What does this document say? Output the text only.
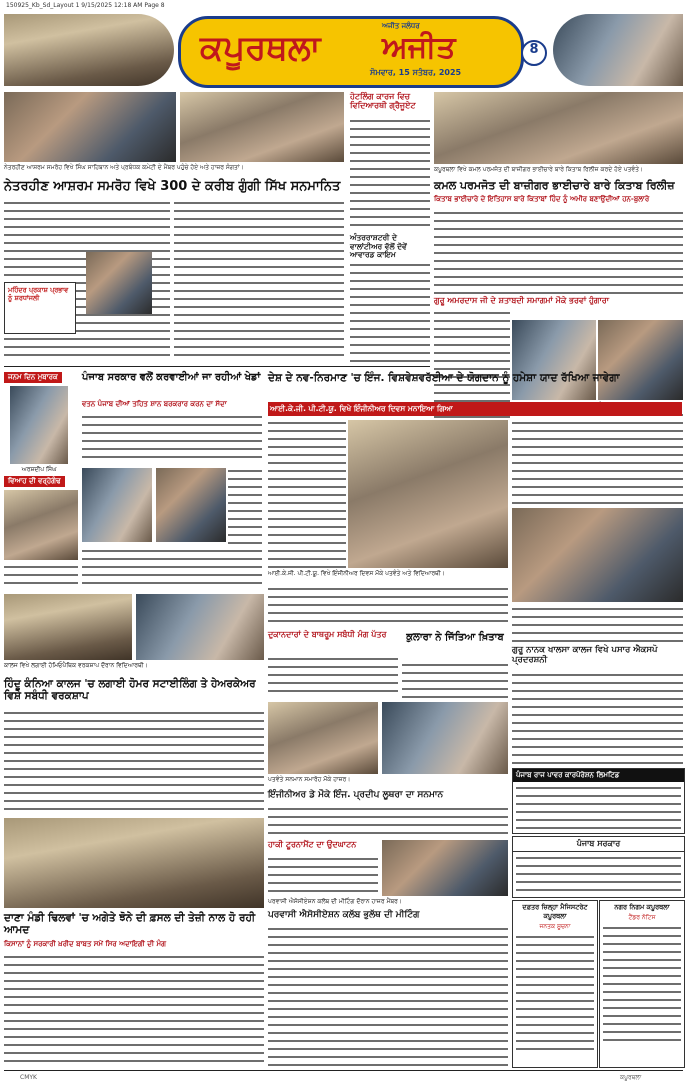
150925_Kb_Sd_Layout 1 9/15/2025 12:18 AM Page 8
ਕਪੂਰਥਲਾ
ਅਜੀਤ ਜਲੰਧਰ
ਅਜੀਤ
ਸੋਮਵਾਰ, 15 ਸਤੰਬਰ, 2025
8
ਨੇਤਰਹੀਣ ਆਸ਼ਰਮ ਸਮਰੋਹ ਵਿਖੇ ਸਿੰਘ ਸਾਹਿਬਾਨ ਅਤੇ ਪ੍ਰਬੰਧਕ ਕਮੇਟੀ ਦੇ ਮੈਂਬਰ ਪਹੁੰਚੇ ਹੋਏ ਅਤੇ ਹਾਜ਼ਰ ਸੰਗਤਾਂ।
ਨੇਤਰਹੀਣ ਆਸ਼ਰਮ ਸਮਰੋਹ ਵਿਖੇ 300 ਦੇ ਕਰੀਬ ਗੁੰਗੀ ਸਿੱਖ ਸਨਮਾਨਿਤ
ਮਹਿੰਦਰ ਪ੍ਰਕਾਸ਼ ਪ੍ਰਭਾਵ ਨੂੰ ਸ਼ਰਧਾਂਜਲੀ
ਹੋਟਲਿੰਗ ਕਾਰਜ ਵਿਚ ਵਿਦਿਆਰਥੀ ਗ੍ਰੈਜੂਏਟ
ਅੰਤਰਰਾਸ਼ਟਰੀ ਦੇ ਵਾਲਾਂਟੀਅਰ ਵੱਲੋਂ ਦੋਵੇਂ ਆਵਾਰਡ ਕਾਇਮ
ਕਪੂਰਥਲਾ ਵਿਖੇ ਕਮਲ ਪਰਮਜੋਤ ਦੀ ਬਾਜ਼ੀਗਰ ਭਾਈਚਾਰੇ ਬਾਰੇ ਕਿਤਾਬ ਰਿਲੀਜ਼ ਕਰਦੇ ਹੋਏ ਪਤਵੰਤੇ।
ਕਮਲ ਪਰਮਜੋਤ ਦੀ ਬਾਜ਼ੀਗਰ ਭਾਈਚਾਰੇ ਬਾਰੇ ਕਿਤਾਬ ਰਿਲੀਜ਼
ਕਿਤਾਬ ਭਾਈਚਾਰੇ ਦੇ ਇਤਿਹਾਸ ਬਾਰੇ ਕਿਤਾਬਾਂ ਹਿੰਦ ਨੂੰ ਅਮੀਰ ਬਣਾਉਂਦੀਆਂ ਹਨ-ਬੁਲਾਰੇ
ਗੁਰੂ ਅਮਰਦਾਸ ਜੀ ਦੇ ਸ਼ਤਾਬਦੀ ਸਮਾਗਮਾਂ ਮੌਕੇ ਭਰਵਾਂ ਹੁੰਗਾਰਾ
ਜਨਮ ਦਿਨ ਮੁਬਾਰਕ
ਅਰਸ਼ਦੀਪ ਸਿੰਘ
ਵਿਆਹ ਦੀ ਵਰ੍ਹੇਗੰਢ
ਪੰਜਾਬ ਸਰਕਾਰ ਵਲੋਂ ਕਰਵਾਈਆਂ ਜਾ ਰਹੀਆਂ ਖੇਡਾਂ
ਵਤਨ ਪੰਜਾਬ ਦੀਆਂ ਤਹਿਤ ਸ਼ਾਨ ਬਰਕਰਾਰ ਕਰਨ ਦਾ ਸੱਦਾ
ਦੇਸ਼ ਦੇ ਨਵ-ਨਿਰਮਾਣ 'ਚ ਇੰਜ. ਵਿਸ਼ਵੇਸ਼ਵਰੱਈਆ ਦੇ ਯੋਗਦਾਨ ਨੂੰ ਹਮੇਸ਼ਾ ਯਾਦ ਰੱਖਿਆ ਜਾਵੇਗਾ
ਆਈ.ਕੇ.ਜੀ. ਪੀ.ਟੀ.ਯੂ. ਵਿਖੇ ਇੰਜੀਨੀਅਰ ਦਿਵਸ ਮਨਾਇਆ ਗਿਆ
ਆਈ.ਕੇ.ਜੀ. ਪੀ.ਟੀ.ਯੂ. ਵਿਖੇ ਇੰਜੀਨੀਅਰ ਦਿਵਸ ਮੌਕੇ ਪਤਵੰਤੇ ਅਤੇ ਵਿਦਿਆਰਥੀ।
ਕਾਲਜ ਵਿਖੇ ਲਗਾਈ ਹੋਮਿਓਪੈਥਿਕ ਵਰਕਸ਼ਾਪ ਦੌਰਾਨ ਵਿਦਿਆਰਥੀ।
ਹਿੰਦੂ ਕੰਨਿਆ ਕਾਲਜ 'ਚ ਲਗਾਈ ਹੋਮਰ ਸਟਾਈਲਿੰਗ ਤੇ ਹੇਅਰਕੇਅਰ ਵਿਸ਼ੇ ਸਬੰਧੀ ਵਰਕਸ਼ਾਪ
ਦੁਕਾਨਦਾਰਾਂ ਦੇ ਬਾਥਰੂਮ ਸਬੰਧੀ ਮੰਗ ਪੱਤਰ
ਪਤਵੰਤੇ ਸਨਮਾਨ ਸਮਾਰੋਹ ਮੌਕੇ ਹਾਜ਼ਰ।
ਇੰਜੀਨੀਅਰ ਡੇ ਮੌਕੇ ਇੰਜ. ਪ੍ਰਦੀਪ ਲੂਥਰਾ ਦਾ ਸਨਮਾਨ
ਕੁਲਾਰਾ ਨੇ ਜਿੱਤਿਆ ਖ਼ਿਤਾਬ
ਗੁਰੂ ਨਾਨਕ ਖਾਲਸਾ ਕਾਲਜ ਵਿਖੇ ਪਸਾਰ ਐਕਸਪੋ ਪ੍ਰਦਰਸ਼ਨੀ
ਪੰਜਾਬ ਰਾਜ ਪਾਵਰ ਕਾਰਪੋਰੇਸ਼ਨ ਲਿਮਟਿਡ
ਪੰਜਾਬ ਸਰਕਾਰ
ਦਾਣਾ ਮੰਡੀ ਢਿਲਵਾਂ 'ਚ ਅਗੇਤੇ ਝੋਨੇ ਦੀ ਫ਼ਸਲ ਦੀ ਤੇਜ਼ੀ ਨਾਲ ਹੋ ਰਹੀ ਆਮਦ
ਕਿਸਾਨਾਂ ਨੂੰ ਸਰਕਾਰੀ ਖ਼ਰੀਦ ਬਾਬਤ ਸਮੇਂ ਸਿਰ ਅਦਾਇਗੀ ਦੀ ਮੰਗ
ਹਾਕੀ ਟੂਰਨਾਮੈਂਟ ਦਾ ਉਦਘਾਟਨ
ਪਰਵਾਸੀ ਐਸੋਸੀਏਸ਼ਨ ਕਲੱਬ ਦੀ ਮੀਟਿੰਗ ਦੌਰਾਨ ਹਾਜ਼ਰ ਮੈਂਬਰ।
ਪਰਵਾਸੀ ਐਸੋਸੀਏਸ਼ਨ ਕਲੱਬ ਭੁਲੱਥ ਦੀ ਮੀਟਿੰਗ
ਦਫ਼ਤਰ ਜ਼ਿਲ੍ਹਾ ਮੈਜਿਸਟਰੇਟ ਕਪੂਰਥਲਾ
ਜਨਤਕ ਸੂਚਨਾ
ਨਗਰ ਨਿਗਮ ਕਪੂਰਥਲਾ
ਟੈਂਡਰ ਨੋਟਿਸ
CMYK	ਕਪੂਰਥਲਾ
